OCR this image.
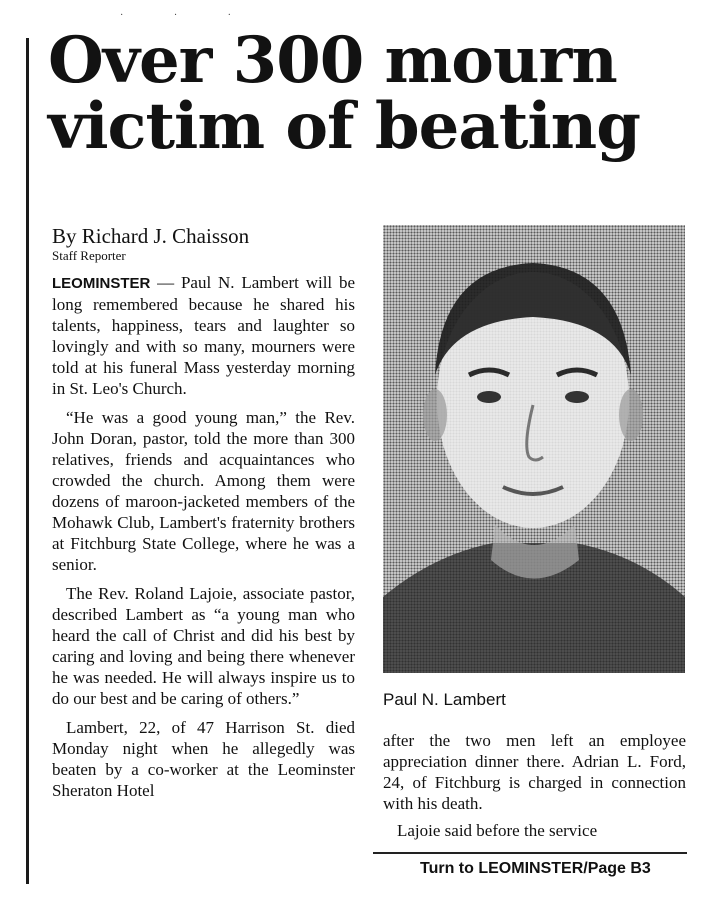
· · ·
Over 300 mourn
victim of beating
By Richard J. Chaisson
Staff Reporter

LEOMINSTER — Paul N. Lambert will be long remembered because he shared his talents, happiness, tears and laughter so lovingly and with so many, mourners were told at his funeral Mass yesterday morning in St. Leo's Church.

“He was a good young man,” the Rev. John Doran, pastor, told the more than 300 relatives, friends and acquaintances who crowded the church. Among them were dozens of maroon-jacketed members of the Mohawk Club, Lambert's fraternity brothers at Fitchburg State College, where he was a senior.

The Rev. Roland Lajoie, associate pastor, described Lambert as “a young man who heard the call of Christ and did his best by caring and loving and being there whenever he was needed. He will always inspire us to do our best and be caring of others.”

Lambert, 22, of 47 Harrison St. died Monday night when he allegedly was beaten by a co-worker at the Leominster Sheraton Hotel

Paul N. Lambert

after the two men left an employee appreciation dinner there. Adrian L. Ford, 24, of Fitchburg is charged in connection with his death.

Lajoie said before the service

Turn to LEOMINSTER/Page B3
